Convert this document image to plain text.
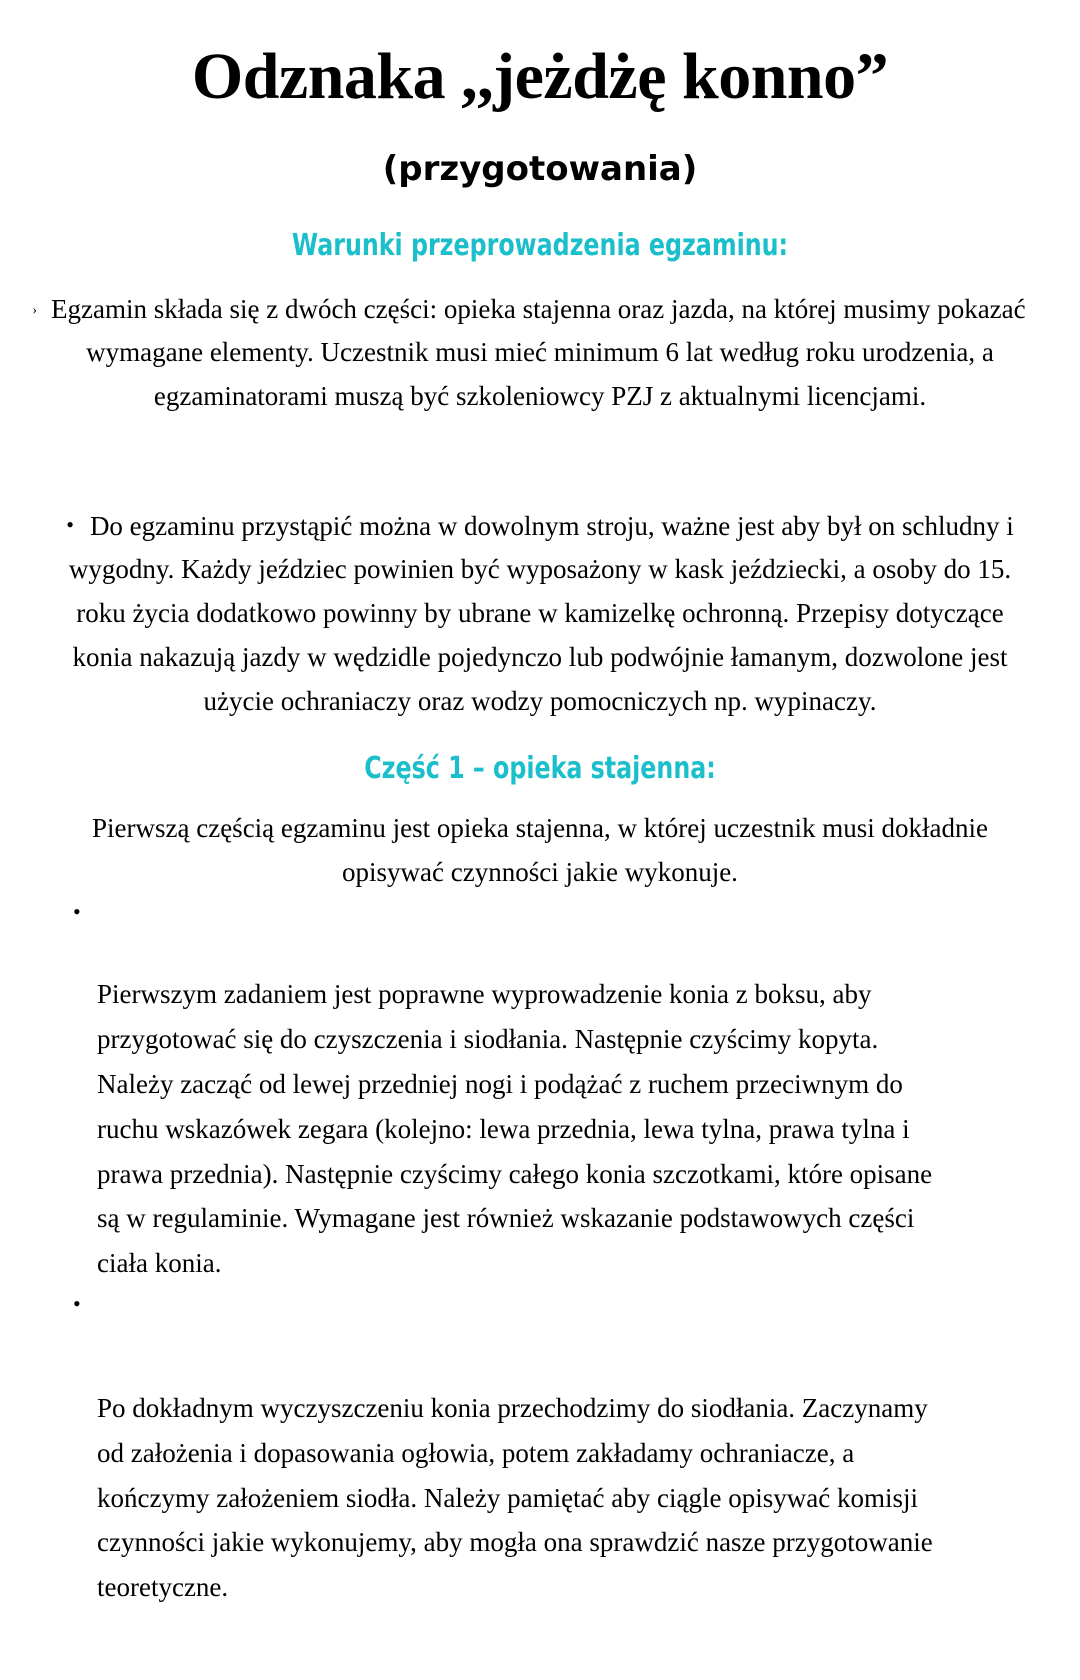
Odznaka ,,jeżdżę konno”
(przygotowania)
Warunki przeprowadzenia egzaminu:

› Egzamin składa się z dwóch części: opieka stajenna oraz jazda, na której musimy pokazać wymagane elementy. Uczestnik musi mieć minimum 6 lat według roku urodzenia, a egzaminatorami muszą być szkoleniowcy PZJ z aktualnymi licencjami.

• Do egzaminu przystąpić można w dowolnym stroju, ważne jest aby był on schludny i wygodny. Każdy jeździec powinien być wyposażony w kask jeździecki, a osoby do 15. roku życia dodatkowo powinny by ubrane w kamizelkę ochronną. Przepisy dotyczące konia nakazują jazdy w wędzidle pojedynczo lub podwójnie łamanym, dozwolone jest użycie ochraniaczy oraz wodzy pomocniczych np. wypinaczy.

Część 1 – opieka stajenna:

Pierwszą częścią egzaminu jest opieka stajenna, w której uczestnik musi dokładnie opisywać czynności jakie wykonuje.

•
Pierwszym zadaniem jest poprawne wyprowadzenie konia z boksu, aby przygotować się do czyszczenia i siodłania. Następnie czyścimy kopyta. Należy zacząć od lewej przedniej nogi i podążać z ruchem przeciwnym do ruchu wskazówek zegara (kolejno: lewa przednia, lewa tylna, prawa tylna i prawa przednia). Następnie czyścimy całego konia szczotkami, które opisane są w regulaminie. Wymagane jest również wskazanie podstawowych części ciała konia.
•
Po dokładnym wyczyszczeniu konia przechodzimy do siodłania. Zaczynamy od założenia i dopasowania ogłowia, potem zakładamy ochraniacze, a kończymy założeniem siodła. Należy pamiętać aby ciągle opisywać komisji czynności jakie wykonujemy, aby mogła ona sprawdzić nasze przygotowanie teoretyczne.
